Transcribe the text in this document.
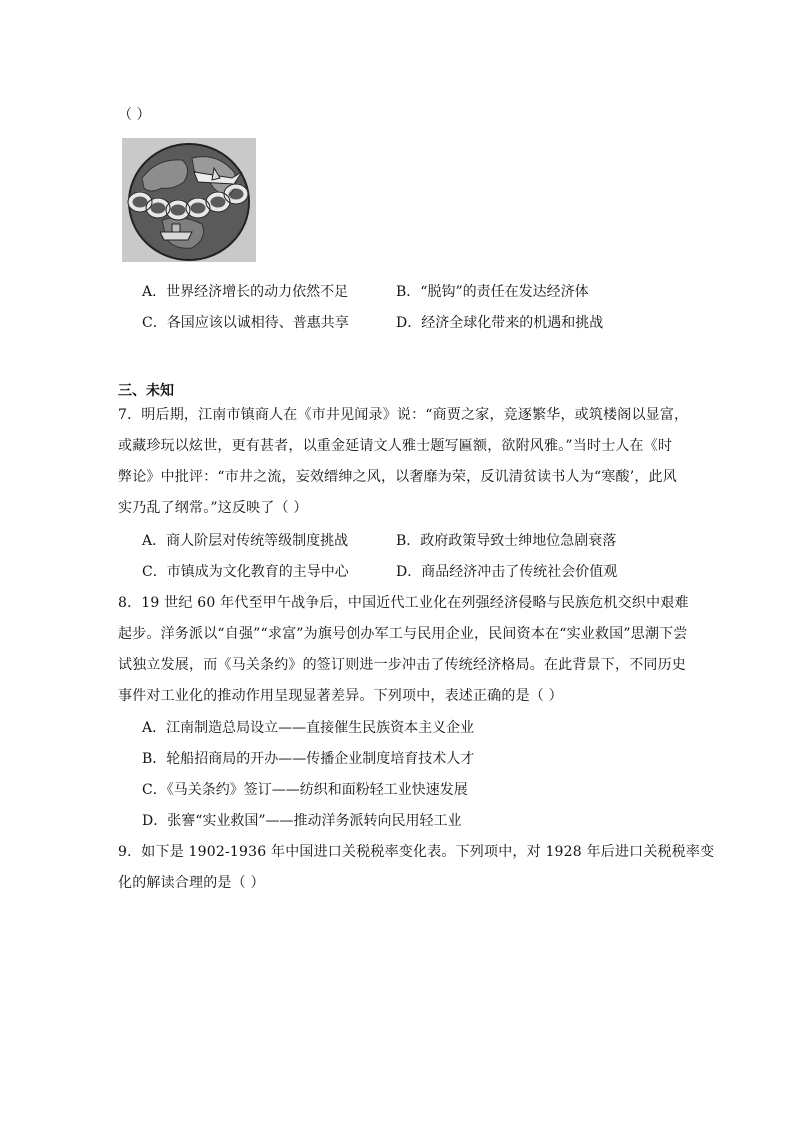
（ ）
A．世界经济增长的动力依然不足	B．“脱钩”的责任在发达经济体
C．各国应该以诚相待、普惠共享	D．经济全球化带来的机遇和挑战
三、未知
7．明后期，江南市镇商人在《市井见闻录》说：“商贾之家，竞逐繁华，或筑楼阁以显富，
或藏珍玩以炫世，更有甚者，以重金延请文人雅士题写匾额，欲附风雅。”当时士人在《时
弊论》中批评：“市井之流，妄效缙绅之风，以奢靡为荣，反讥清贫读书人为“寒酸’，此风
实乃乱了纲常。”这反映了（ ）
A．商人阶层对传统等级制度挑战	B．政府政策导致士绅地位急剧衰落
C．市镇成为文化教育的主导中心	D．商品经济冲击了传统社会价值观
8．19 世纪 60 年代至甲午战争后，中国近代工业化在列强经济侵略与民族危机交织中艰难
起步。洋务派以“自强”“求富”为旗号创办军工与民用企业，民间资本在“实业救国”思潮下尝
试独立发展，而《马关条约》的签订则进一步冲击了传统经济格局。在此背景下，不同历史
事件对工业化的推动作用呈现显著差异。下列项中，表述正确的是（ ）
A．江南制造总局设立——直接催生民族资本主义企业
B．轮船招商局的开办——传播企业制度培育技术人才
C．《马关条约》签订——纺织和面粉轻工业快速发展
D．张謇“实业救国”——推动洋务派转向民用轻工业
9．如下是 1902-1936 年中国进口关税税率变化表。下列项中，对 1928 年后进口关税税率变
化的解读合理的是（ ）
